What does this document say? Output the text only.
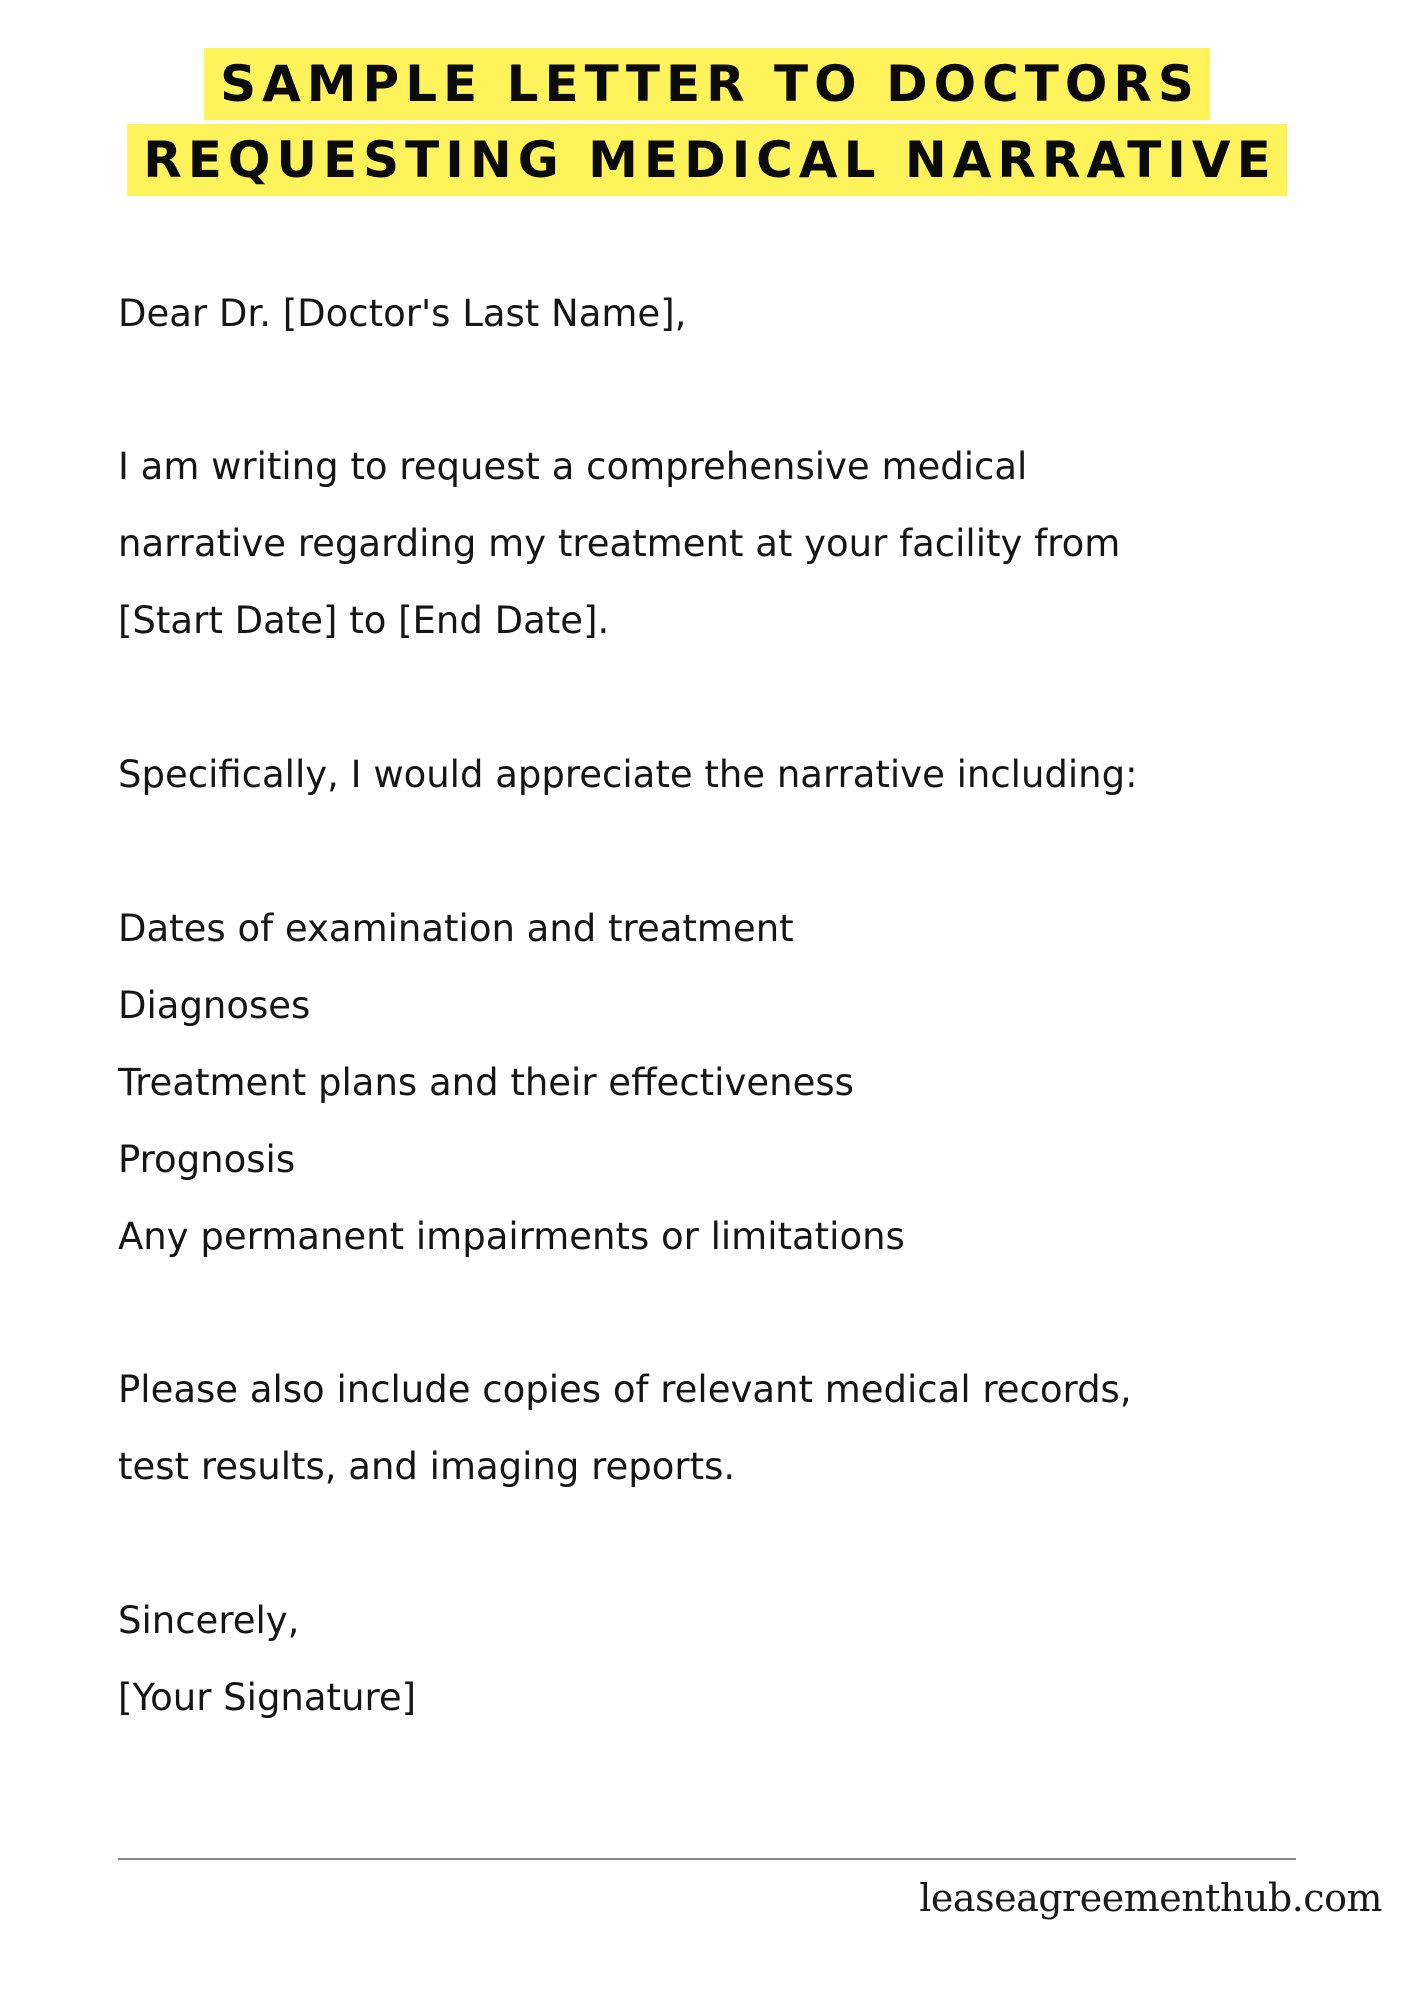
SAMPLE LETTER TO DOCTORS
REQUESTING MEDICAL NARRATIVE

Dear Dr. [Doctor's Last Name],

I am writing to request a comprehensive medical
narrative regarding my treatment at your facility from
[Start Date] to [End Date].

Specifically, I would appreciate the narrative including:

Dates of examination and treatment
Diagnoses
Treatment plans and their effectiveness
Prognosis
Any permanent impairments or limitations
Please also include copies of relevant medical records,
test results, and imaging reports.
Sincerely,
[Your Signature]
leaseagreementhub.com
